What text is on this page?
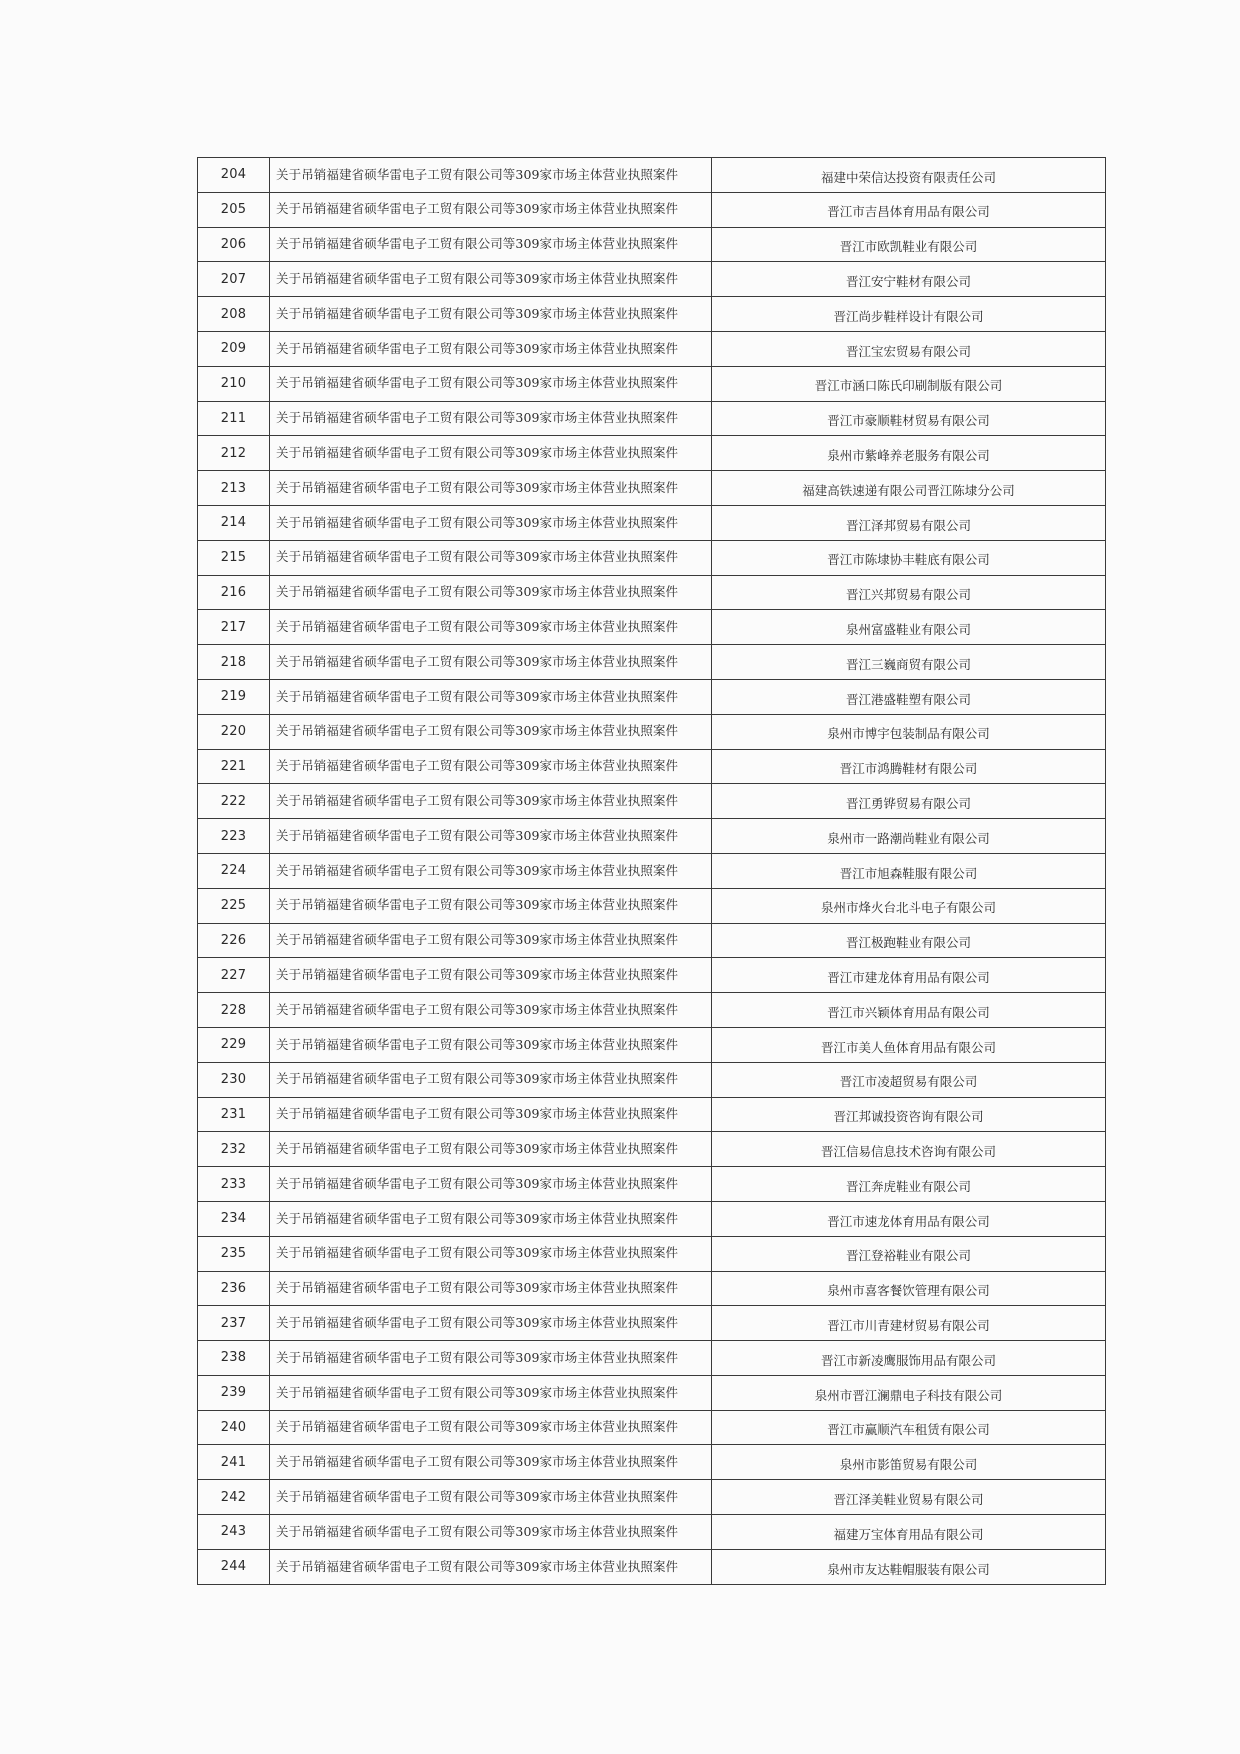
204	关于吊销福建省硕华雷电子工贸有限公司等309家市场主体营业执照案件	福建中荣信达投资有限责任公司
205	关于吊销福建省硕华雷电子工贸有限公司等309家市场主体营业执照案件	晋江市吉昌体育用品有限公司
206	关于吊销福建省硕华雷电子工贸有限公司等309家市场主体营业执照案件	晋江市欧凯鞋业有限公司
207	关于吊销福建省硕华雷电子工贸有限公司等309家市场主体营业执照案件	晋江安宁鞋材有限公司
208	关于吊销福建省硕华雷电子工贸有限公司等309家市场主体营业执照案件	晋江尚步鞋样设计有限公司
209	关于吊销福建省硕华雷电子工贸有限公司等309家市场主体营业执照案件	晋江宝宏贸易有限公司
210	关于吊销福建省硕华雷电子工贸有限公司等309家市场主体营业执照案件	晋江市涵口陈氏印刷制版有限公司
211	关于吊销福建省硕华雷电子工贸有限公司等309家市场主体营业执照案件	晋江市豪顺鞋材贸易有限公司
212	关于吊销福建省硕华雷电子工贸有限公司等309家市场主体营业执照案件	泉州市紫峰养老服务有限公司
213	关于吊销福建省硕华雷电子工贸有限公司等309家市场主体营业执照案件	福建高铁速递有限公司晋江陈埭分公司
214	关于吊销福建省硕华雷电子工贸有限公司等309家市场主体营业执照案件	晋江泽邦贸易有限公司
215	关于吊销福建省硕华雷电子工贸有限公司等309家市场主体营业执照案件	晋江市陈埭协丰鞋底有限公司
216	关于吊销福建省硕华雷电子工贸有限公司等309家市场主体营业执照案件	晋江兴邦贸易有限公司
217	关于吊销福建省硕华雷电子工贸有限公司等309家市场主体营业执照案件	泉州富盛鞋业有限公司
218	关于吊销福建省硕华雷电子工贸有限公司等309家市场主体营业执照案件	晋江三巍商贸有限公司
219	关于吊销福建省硕华雷电子工贸有限公司等309家市场主体营业执照案件	晋江港盛鞋塑有限公司
220	关于吊销福建省硕华雷电子工贸有限公司等309家市场主体营业执照案件	泉州市博宇包装制品有限公司
221	关于吊销福建省硕华雷电子工贸有限公司等309家市场主体营业执照案件	晋江市鸿腾鞋材有限公司
222	关于吊销福建省硕华雷电子工贸有限公司等309家市场主体营业执照案件	晋江勇铧贸易有限公司
223	关于吊销福建省硕华雷电子工贸有限公司等309家市场主体营业执照案件	泉州市一路潮尚鞋业有限公司
224	关于吊销福建省硕华雷电子工贸有限公司等309家市场主体营业执照案件	晋江市旭森鞋服有限公司
225	关于吊销福建省硕华雷电子工贸有限公司等309家市场主体营业执照案件	泉州市烽火台北斗电子有限公司
226	关于吊销福建省硕华雷电子工贸有限公司等309家市场主体营业执照案件	晋江极跑鞋业有限公司
227	关于吊销福建省硕华雷电子工贸有限公司等309家市场主体营业执照案件	晋江市建龙体育用品有限公司
228	关于吊销福建省硕华雷电子工贸有限公司等309家市场主体营业执照案件	晋江市兴颖体育用品有限公司
229	关于吊销福建省硕华雷电子工贸有限公司等309家市场主体营业执照案件	晋江市美人鱼体育用品有限公司
230	关于吊销福建省硕华雷电子工贸有限公司等309家市场主体营业执照案件	晋江市凌超贸易有限公司
231	关于吊销福建省硕华雷电子工贸有限公司等309家市场主体营业执照案件	晋江邦诚投资咨询有限公司
232	关于吊销福建省硕华雷电子工贸有限公司等309家市场主体营业执照案件	晋江信易信息技术咨询有限公司
233	关于吊销福建省硕华雷电子工贸有限公司等309家市场主体营业执照案件	晋江奔虎鞋业有限公司
234	关于吊销福建省硕华雷电子工贸有限公司等309家市场主体营业执照案件	晋江市速龙体育用品有限公司
235	关于吊销福建省硕华雷电子工贸有限公司等309家市场主体营业执照案件	晋江登裕鞋业有限公司
236	关于吊销福建省硕华雷电子工贸有限公司等309家市场主体营业执照案件	泉州市喜客餐饮管理有限公司
237	关于吊销福建省硕华雷电子工贸有限公司等309家市场主体营业执照案件	晋江市川青建材贸易有限公司
238	关于吊销福建省硕华雷电子工贸有限公司等309家市场主体营业执照案件	晋江市新凌鹰服饰用品有限公司
239	关于吊销福建省硕华雷电子工贸有限公司等309家市场主体营业执照案件	泉州市晋江澜鼎电子科技有限公司
240	关于吊销福建省硕华雷电子工贸有限公司等309家市场主体营业执照案件	晋江市赢顺汽车租赁有限公司
241	关于吊销福建省硕华雷电子工贸有限公司等309家市场主体营业执照案件	泉州市影笛贸易有限公司
242	关于吊销福建省硕华雷电子工贸有限公司等309家市场主体营业执照案件	晋江泽美鞋业贸易有限公司
243	关于吊销福建省硕华雷电子工贸有限公司等309家市场主体营业执照案件	福建万宝体育用品有限公司
244	关于吊销福建省硕华雷电子工贸有限公司等309家市场主体营业执照案件	泉州市友达鞋帽服装有限公司
